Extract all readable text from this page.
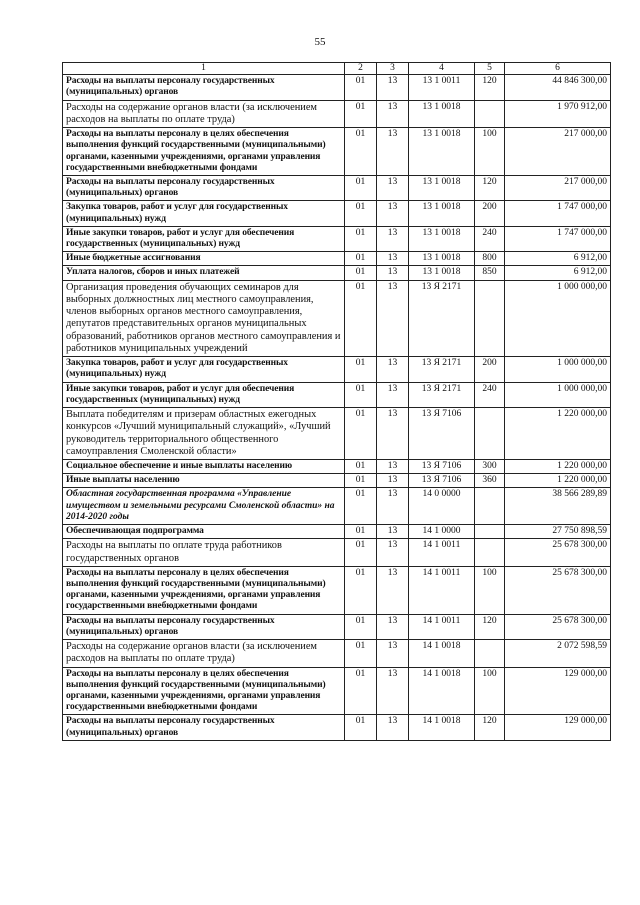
55
1	2	3	4	5	6
Расходы на выплаты персоналу государственных (муниципальных) органов	01	13	13 1 0011	120	44 846 300,00
Расходы на содержание органов власти (за исключением расходов на выплаты по оплате труда)	01	13	13 1 0018		1 970 912,00
Расходы на выплаты персоналу в целях обеспечения выполнения функций государственными (муниципальными) органами, казенными учреждениями, органами управления государственными внебюджетными фондами	01	13	13 1 0018	100	217 000,00
Расходы на выплаты персоналу государственных (муниципальных) органов	01	13	13 1 0018	120	217 000,00
Закупка товаров, работ и услуг для государственных (муниципальных) нужд	01	13	13 1 0018	200	1 747 000,00
Иные закупки товаров, работ и услуг для обеспечения государственных (муниципальных) нужд	01	13	13 1 0018	240	1 747 000,00
Иные бюджетные ассигнования	01	13	13 1 0018	800	6 912,00
Уплата налогов, сборов и иных платежей	01	13	13 1 0018	850	6 912,00
Организация проведения обучающих семинаров для выборных должностных лиц местного самоуправления, членов выборных органов местного самоуправления, депутатов представительных органов муниципальных образований, работников органов местного самоуправления и работников муниципальных учреждений	01	13	13 Я 2171		1 000 000,00
Закупка товаров, работ и услуг для государственных (муниципальных) нужд	01	13	13 Я 2171	200	1 000 000,00
Иные закупки товаров, работ и услуг для обеспечения государственных (муниципальных) нужд	01	13	13 Я 2171	240	1 000 000,00
Выплата победителям и призерам областных ежегодных конкурсов «Лучший муниципальный служащий», «Лучший руководитель территориального общественного самоуправления Смоленской области»	01	13	13 Я 7106		1 220 000,00
Социальное обеспечение и иные выплаты населению	01	13	13 Я 7106	300	1 220 000,00
Иные выплаты населению	01	13	13 Я 7106	360	1 220 000,00
Областная государственная программа «Управление имуществом и земельными ресурсами Смоленской области» на 2014-2020 годы	01	13	14 0 0000		38 566 289,89
Обеспечивающая подпрограмма	01	13	14 1 0000		27 750 898,59
Расходы на выплаты по оплате труда работников государственных органов	01	13	14 1 0011		25 678 300,00
Расходы на выплаты персоналу в целях обеспечения выполнения функций государственными (муниципальными) органами, казенными учреждениями, органами управления государственными внебюджетными фондами	01	13	14 1 0011	100	25 678 300,00
Расходы на выплаты персоналу государственных (муниципальных) органов	01	13	14 1 0011	120	25 678 300,00
Расходы на содержание органов власти (за исключением расходов на выплаты по оплате труда)	01	13	14 1 0018		2 072 598,59
Расходы на выплаты персоналу в целях обеспечения выполнения функций государственными (муниципальными) органами, казенными учреждениями, органами управления государственными внебюджетными фондами	01	13	14 1 0018	100	129 000,00
Расходы на выплаты персоналу государственных (муниципальных) органов	01	13	14 1 0018	120	129 000,00
